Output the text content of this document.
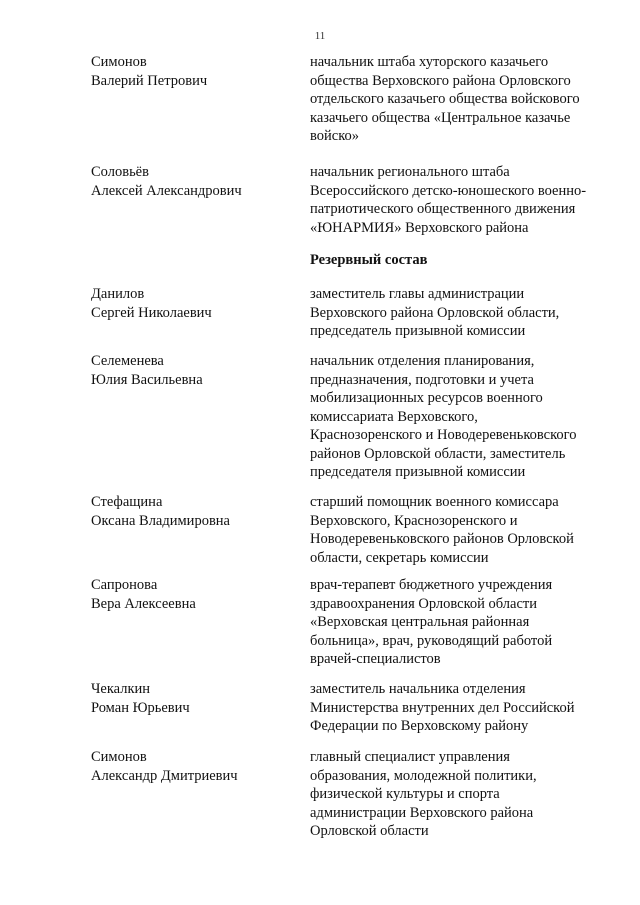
11
Симонов
Валерий Петрович
начальник штаба хуторского казачьего
общества Верховского района Орловского
отдельского казачьего общества войскового
казачьего общества «Центральное казачье
войско»
Соловьёв
Алексей Александрович
начальник регионального штаба
Всероссийского детско-юношеского военно-
патриотического общественного движения
«ЮНАРМИЯ» Верховского района
Резервный состав
Данилов
Сергей Николаевич
заместитель главы администрации
Верховского района Орловской области,
председатель призывной комиссии
Селеменева
Юлия Васильевна
начальник отделения планирования,
предназначения, подготовки и учета
мобилизационных ресурсов военного
комиссариата Верховского,
Краснозоренского и Новодеревеньковского
районов Орловской области, заместитель
председателя призывной комиссии
Стефащина
Оксана Владимировна
старший помощник военного комиссара
Верховского, Краснозоренского и
Новодеревеньковского районов Орловской
области, секретарь комиссии
Сапронова
Вера Алексеевна
врач-терапевт бюджетного учреждения
здравоохранения Орловской области
«Верховская центральная районная
больница», врач, руководящий работой
врачей-специалистов
Чекалкин
Роман Юрьевич
заместитель начальника отделения
Министерства внутренних дел Российской
Федерации по Верховскому району
Симонов
Александр Дмитриевич
главный специалист управления
образования, молодежной политики,
физической культуры и спорта
администрации Верховского района
Орловской области
